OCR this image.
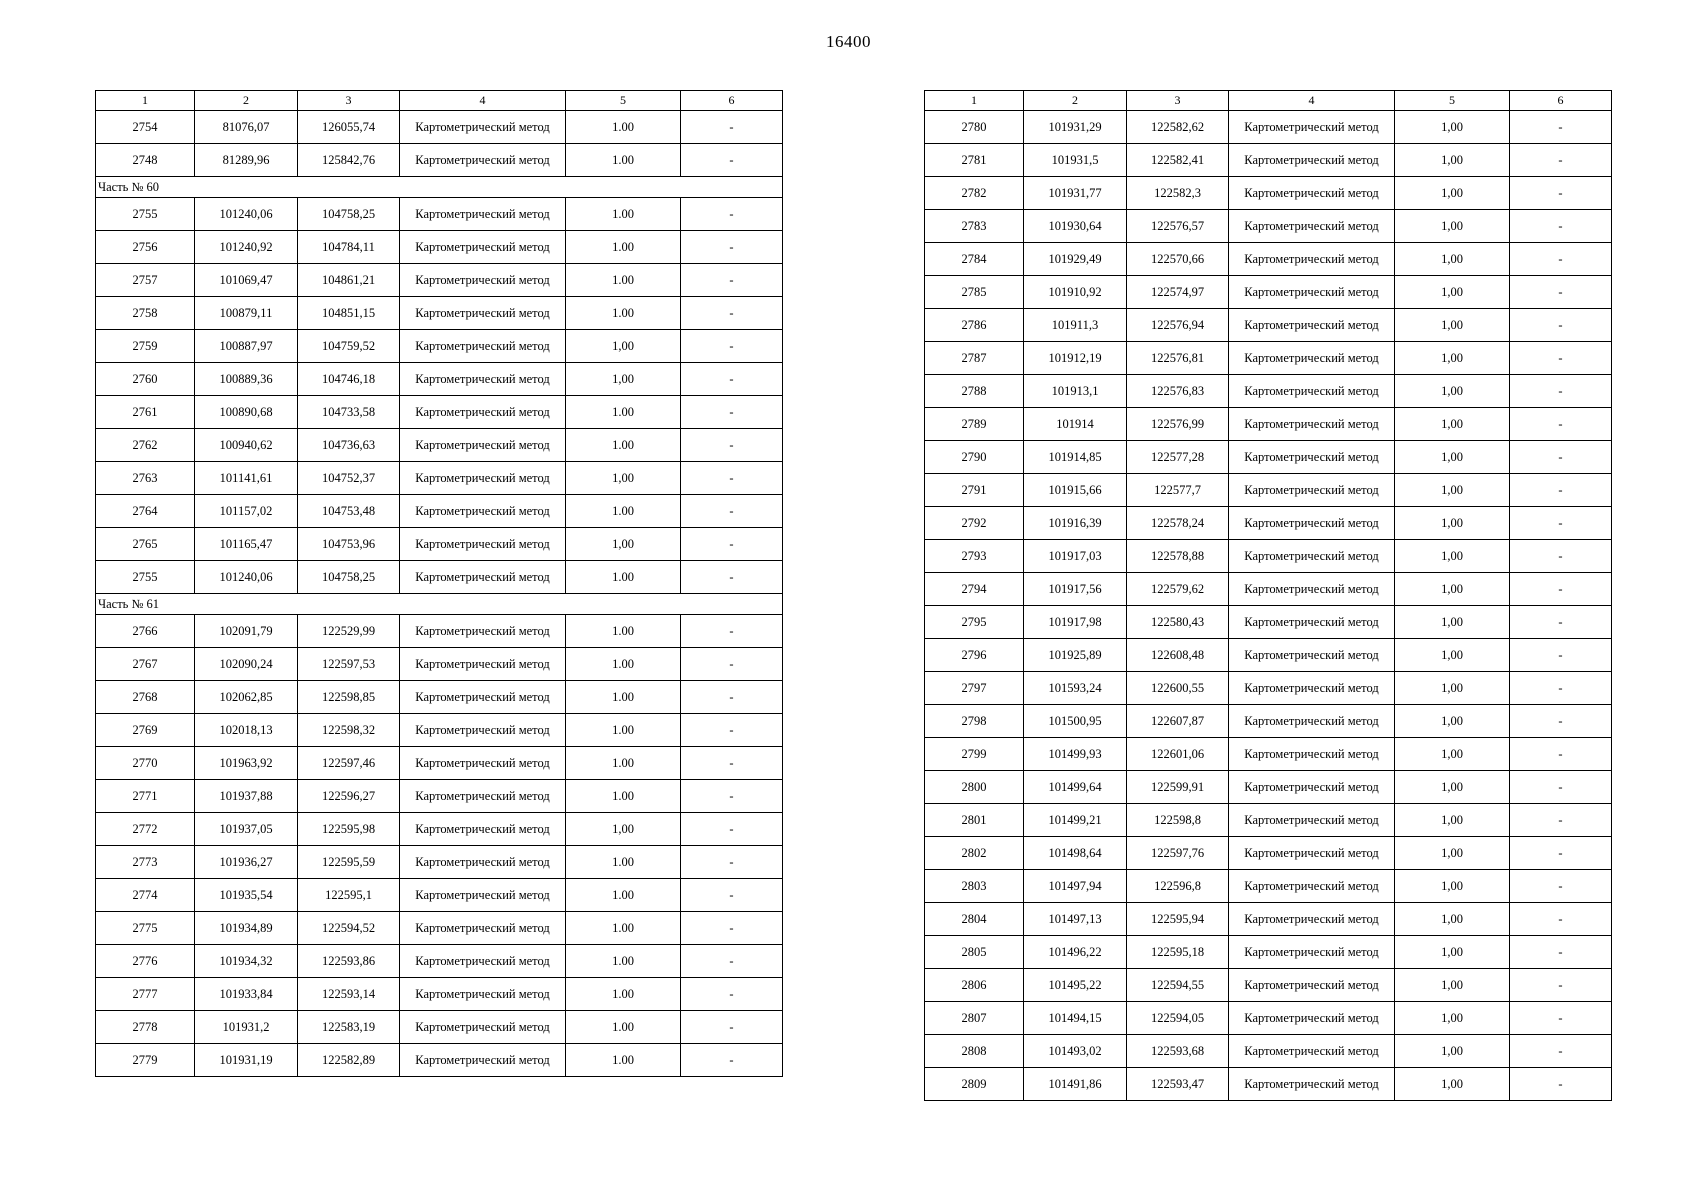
16400
1	2	3	4	5	6
2754	81076,07	126055,74	Картометрический метод	1.00	-
2748	81289,96	125842,76	Картометрический метод	1.00	-
Часть № 60					
2755	101240,06	104758,25	Картометрический метод	1.00	-
2756	101240,92	104784,11	Картометрический метод	1.00	-
2757	101069,47	104861,21	Картометрический метод	1.00	-
2758	100879,11	104851,15	Картометрический метод	1.00	-
2759	100887,97	104759,52	Картометрический метод	1,00	-
2760	100889,36	104746,18	Картометрический метод	1,00	-
2761	100890,68	104733,58	Картометрический метод	1.00	-
2762	100940,62	104736,63	Картометрический метод	1.00	-
2763	101141,61	104752,37	Картометрический метод	1,00	-
2764	101157,02	104753,48	Картометрический метод	1.00	-
2765	101165,47	104753,96	Картометрический метод	1,00	-
2755	101240,06	104758,25	Картометрический метод	1.00	-
Часть № 61					
2766	102091,79	122529,99	Картометрический метод	1.00	-
2767	102090,24	122597,53	Картометрический метод	1.00	-
2768	102062,85	122598,85	Картометрический метод	1.00	-
2769	102018,13	122598,32	Картометрический метод	1.00	-
2770	101963,92	122597,46	Картометрический метод	1.00	-
2771	101937,88	122596,27	Картометрический метод	1.00	-
2772	101937,05	122595,98	Картометрический метод	1,00	-
2773	101936,27	122595,59	Картометрический метод	1.00	-
2774	101935,54	122595,1	Картометрический метод	1.00	-
2775	101934,89	122594,52	Картометрический метод	1.00	-
2776	101934,32	122593,86	Картометрический метод	1.00	-
2777	101933,84	122593,14	Картометрический метод	1.00	-
2778	101931,2	122583,19	Картометрический метод	1.00	-
2779	101931,19	122582,89	Картометрический метод	1.00	-
1	2	3	4	5	6
2780	101931,29	122582,62	Картометрический метод	1,00	-
2781	101931,5	122582,41	Картометрический метод	1,00	-
2782	101931,77	122582,3	Картометрический метод	1,00	-
2783	101930,64	122576,57	Картометрический метод	1,00	-
2784	101929,49	122570,66	Картометрический метод	1,00	-
2785	101910,92	122574,97	Картометрический метод	1,00	-
2786	101911,3	122576,94	Картометрический метод	1,00	-
2787	101912,19	122576,81	Картометрический метод	1,00	-
2788	101913,1	122576,83	Картометрический метод	1,00	-
2789	101914	122576,99	Картометрический метод	1,00	-
2790	101914,85	122577,28	Картометрический метод	1,00	-
2791	101915,66	122577,7	Картометрический метод	1,00	-
2792	101916,39	122578,24	Картометрический метод	1,00	-
2793	101917,03	122578,88	Картометрический метод	1,00	-
2794	101917,56	122579,62	Картометрический метод	1,00	-
2795	101917,98	122580,43	Картометрический метод	1,00	-
2796	101925,89	122608,48	Картометрический метод	1,00	-
2797	101593,24	122600,55	Картометрический метод	1,00	-
2798	101500,95	122607,87	Картометрический метод	1,00	-
2799	101499,93	122601,06	Картометрический метод	1,00	-
2800	101499,64	122599,91	Картометрический метод	1,00	-
2801	101499,21	122598,8	Картометрический метод	1,00	-
2802	101498,64	122597,76	Картометрический метод	1,00	-
2803	101497,94	122596,8	Картометрический метод	1,00	-
2804	101497,13	122595,94	Картометрический метод	1,00	-
2805	101496,22	122595,18	Картометрический метод	1,00	-
2806	101495,22	122594,55	Картометрический метод	1,00	-
2807	101494,15	122594,05	Картометрический метод	1,00	-
2808	101493,02	122593,68	Картометрический метод	1,00	-
2809	101491,86	122593,47	Картометрический метод	1,00	-
